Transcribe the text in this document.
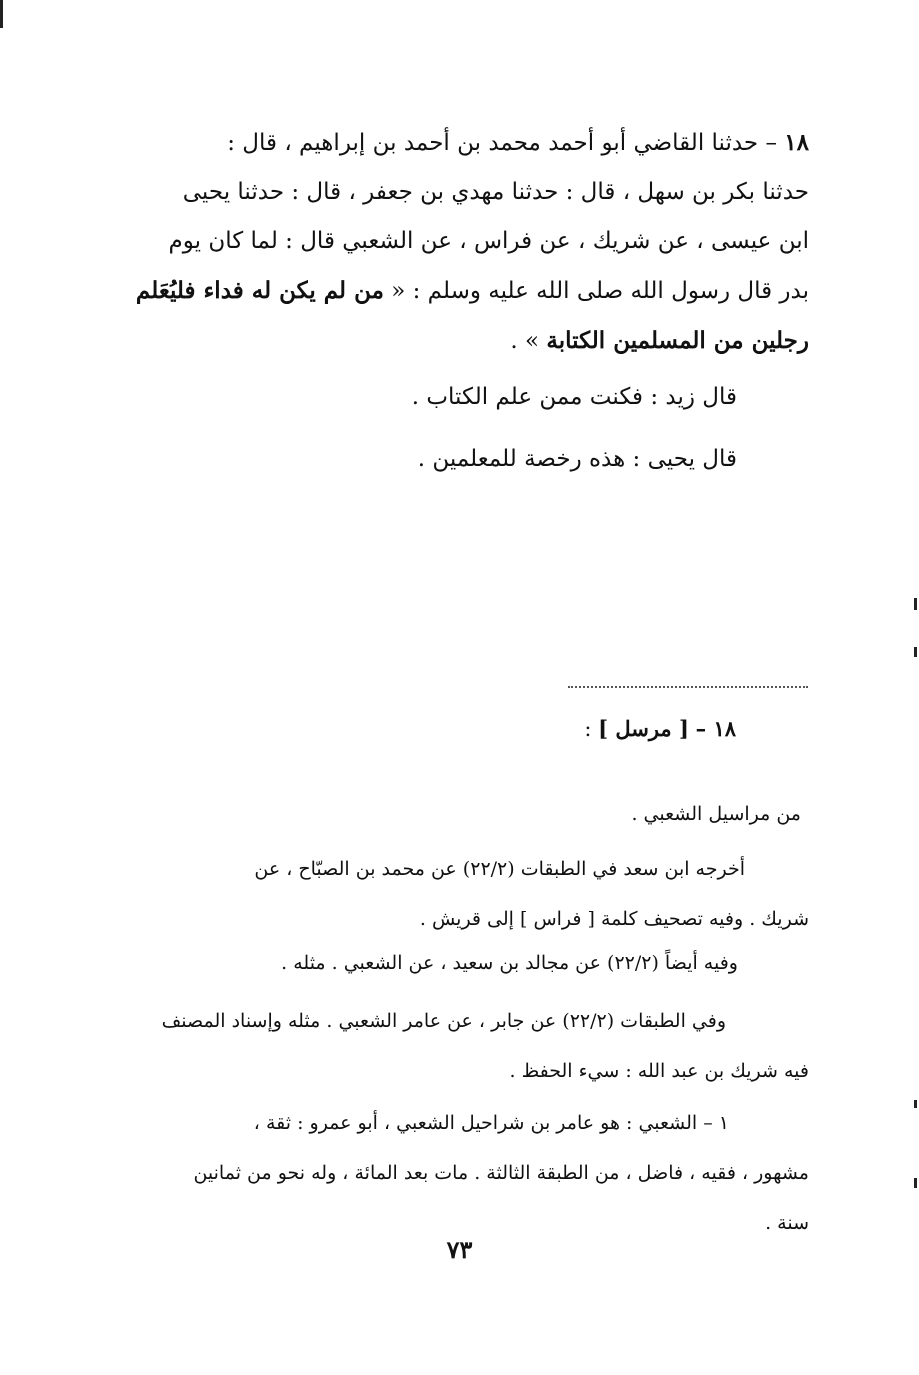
١٨ – حدثنا القاضي أبو أحمد محمد بن أحمد بن إبراهيم ، قال :
حدثنا بكر بن سهل ، قال : حدثنا مهدي بن جعفر ، قال : حدثنا يحيى
ابن عيسى ، عن شريك ، عن فراس ، عن الشعبي قال : لما كان يوم
بدر قال رسول الله صلى الله عليه وسلم : « من لم يكن له فداء فليُعَلم
رجلين من المسلمين الكتابة » .
قال زيد : فكنت ممن علم الكتاب .
قال يحيى : هذه رخصة للمعلمين .
١٨ – [ مرسل ] :
من مراسيل الشعبي .
أخرجه ابن سعد في الطبقات (٢٢/٢) عن محمد بن الصبّاح ، عن
شريك . وفيه تصحيف كلمة [ فراس ] إلى قريش .
وفيه أيضاً (٢٢/٢) عن مجالد بن سعيد ، عن الشعبي . مثله .
وفي الطبقات (٢٢/٢) عن جابر ، عن عامر الشعبي . مثله وإسناد المصنف
فيه شريك بن عبد الله : سيء الحفظ .
١ – الشعبي : هو عامر بن شراحيل الشعبي ، أبو عمرو : ثقة ،
مشهور ، فقيه ، فاضل ، من الطبقة الثالثة . مات بعد المائة ، وله نحو من ثمانين
سنة .
٧٣
